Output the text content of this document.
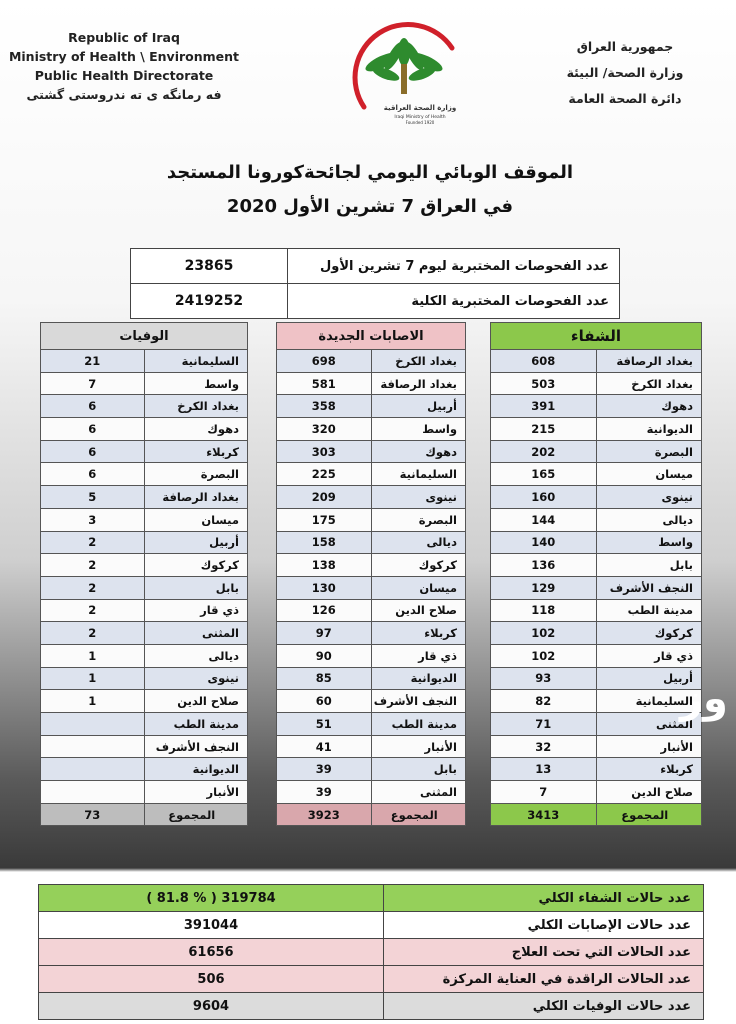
Republic of Iraq
Ministry of Health \ Environment
Public Health Directorate
فه رمانگه ى ته ندروستى گشتى
وزارة الصحة العراقية
Iraqi Ministry of Health
Founded 1920
جمهورية العراق
وزارة الصحة/ البيئة
دائرة الصحة العامة
الموقف الوبائي اليومي لجائحةكورونا المستجد
في العراق 7 تشرين الأول 2020
23865	عدد الفحوصات المختبرية ليوم 7 تشرين الأول
2419252	عدد الفحوصات المختبرية الكلية
الوفيات	
21	السليمانية
7	واسط
6	بغداد الكرخ
6	دهوك
6	كربلاء
6	البصرة
5	بغداد الرصافة
3	ميسان
2	أربيل
2	كركوك
2	بابل
2	ذي قار
2	المثنى
1	ديالى
1	نينوى
1	صلاح الدين
	مدينة الطب
	النجف الأشرف
	الديوانية
	الأنبار
73	المجموع
الاصابات الجديدة	
698	بغداد الكرخ
581	بغداد الرصافة
358	أربيل
320	واسط
303	دهوك
225	السليمانية
209	نينوى
175	البصرة
158	ديالى
138	كركوك
130	ميسان
126	صلاح الدين
97	كربلاء
90	ذي قار
85	الديوانية
60	النجف الأشرف
51	مدينة الطب
41	الأنبار
39	بابل
39	المثنى
3923	المجموع
الشفاء	
608	بغداد الرصافة
503	بغداد الكرخ
391	دهوك
215	الديوانية
202	البصرة
165	ميسان
160	نينوى
144	ديالى
140	واسط
136	بابل
129	النجف الأشرف
118	مدينة الطب
102	كركوك
102	ذي قار
93	أربيل
82	السليمانية
71	المثنى
32	الأنبار
13	كربلاء
7	صلاح الدين
3413	المجموع
وز
( 81.8 % ) 319784	عدد حالات الشفاء الكلي
391044	عدد حالات الإصابات الكلي
61656	عدد الحالات التي تحت العلاج
506	عدد الحالات الراقدة في العناية المركزة
9604	عدد حالات الوفيات الكلي
